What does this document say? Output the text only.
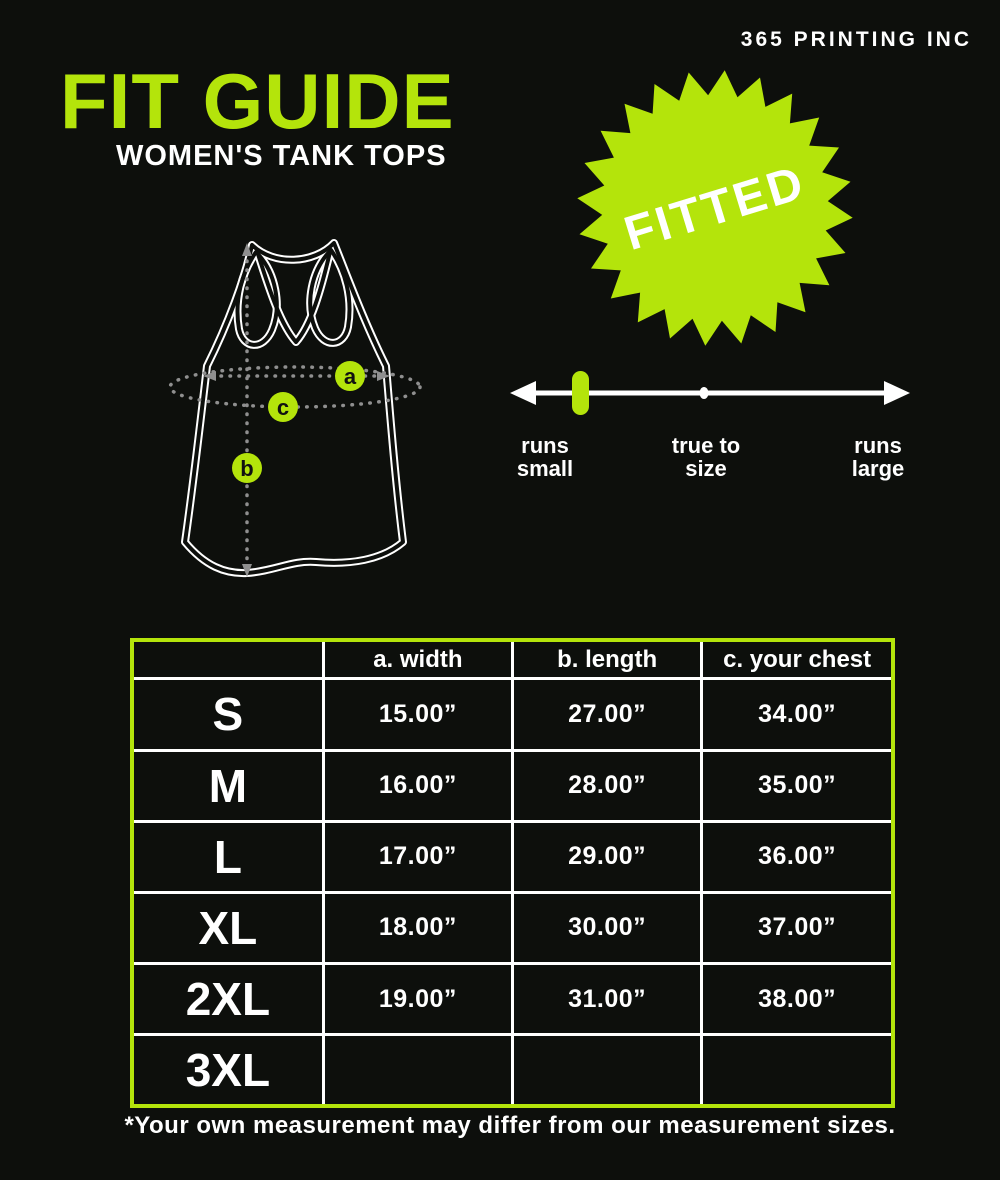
365 PRINTING INC
FIT GUIDE
WOMEN'S TANK TOPS	FITTED
a
c
b
runs
small
true to
size
runs
large
	a. width	b. length	c. your chest
S	15.00”	27.00”	34.00”
M	16.00”	28.00”	35.00”
L	17.00”	29.00”	36.00”
XL	18.00”	30.00”	37.00”
2XL	19.00”	31.00”	38.00”
3XL			
*Your own measurement may differ from our measurement sizes.
